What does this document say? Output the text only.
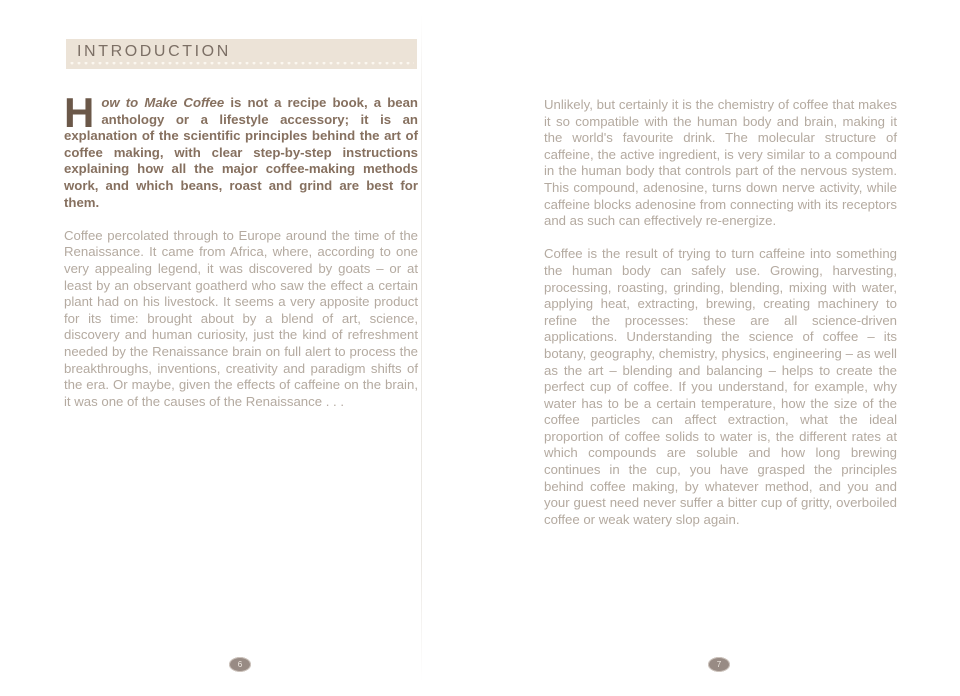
INTRODUCTION

How to Make Coffee is not a recipe book, a bean anthology or a lifestyle accessory; it is an explanation of the scientific principles behind the art of coffee making, with clear step-by-step instructions explaining how all the major coffee-making methods work, and which beans, roast and grind are best for them.

Coffee percolated through to Europe around the time of the Renaissance. It came from Africa, where, according to one very appealing legend, it was discovered by goats – or at least by an observant goatherd who saw the effect a certain plant had on his livestock. It seems a very apposite product for its time: brought about by a blend of art, science, discovery and human curiosity, just the kind of refreshment needed by the Renaissance brain on full alert to process the breakthroughs, inventions, creativity and paradigm shifts of the era. Or maybe, given the effects of caffeine on the brain, it was one of the causes of the Renaissance . . .

6

Unlikely, but certainly it is the chemistry of coffee that makes it so compatible with the human body and brain, making it the world's favourite drink. The molecular structure of caffeine, the active ingredient, is very similar to a compound in the human body that controls part of the nervous system. This compound, adenosine, turns down nerve activity, while caffeine blocks adenosine from connecting with its receptors and as such can effectively re-energize.

Coffee is the result of trying to turn caffeine into something the human body can safely use. Growing, harvesting, processing, roasting, grinding, blending, mixing with water, applying heat, extracting, brewing, creating machinery to refine the processes: these are all science-driven applications. Understanding the science of coffee – its botany, geography, chemistry, physics, engineering – as well as the art – blending and balancing – helps to create the perfect cup of coffee. If you understand, for example, why water has to be a certain temperature, how the size of the coffee particles can affect extraction, what the ideal proportion of coffee solids to water is, the different rates at which compounds are soluble and how long brewing continues in the cup, you have grasped the principles behind coffee making, by whatever method, and you and your guest need never suffer a bitter cup of gritty, overboiled coffee or weak watery slop again.

7
